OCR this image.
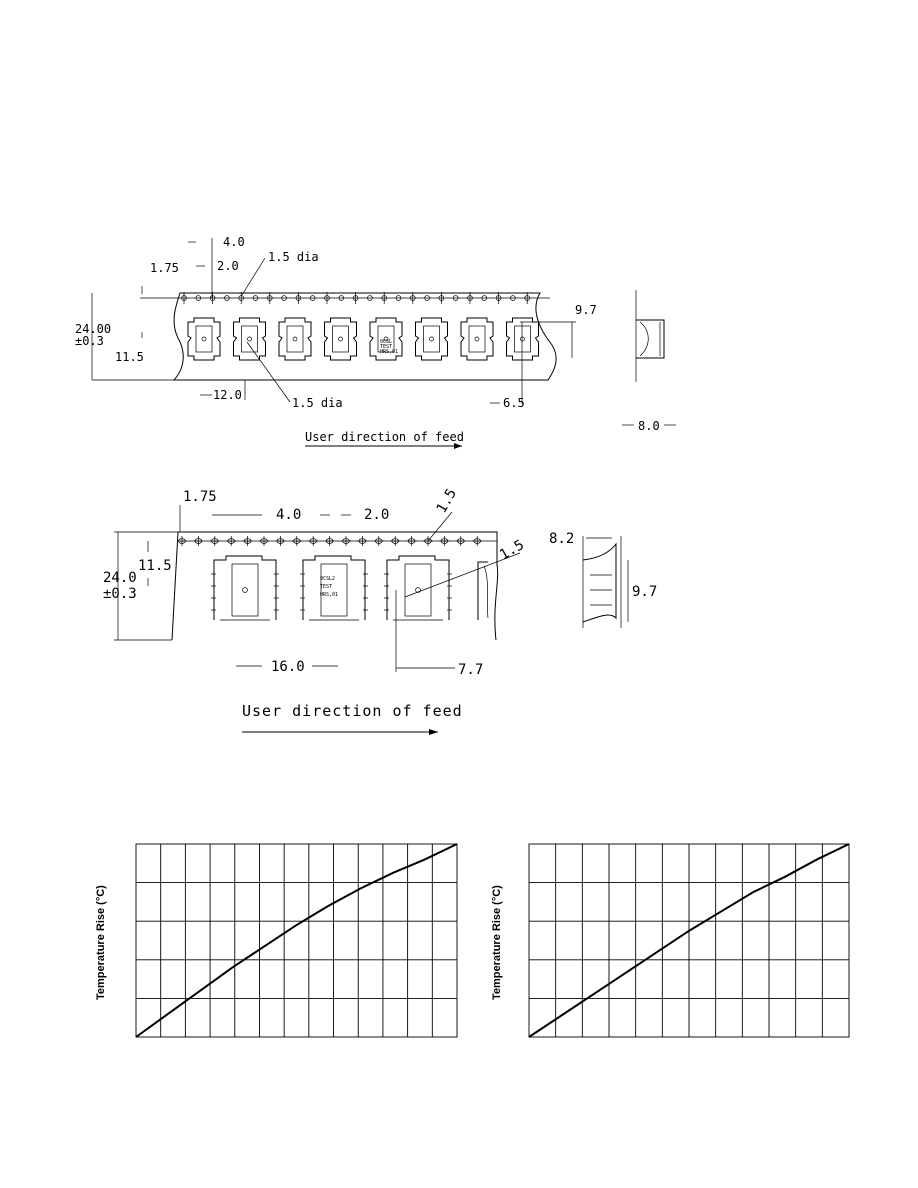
0CSL
TEST
HRS,01
24.00
±0.3
11.5
4.0
2.0
1.75
1.5 dia
12.0
1.5 dia	6.5
9.7
8.0
User direction of feed
0CSL2
TEST
HRS,01
24.0
±0.3
11.5
1.75
4.0	2.0	1.5
1.5
16.0	7.7
8.2
9.7
User direction of feed
Temperature Rise (°C)	Temperature Rise (°C)
